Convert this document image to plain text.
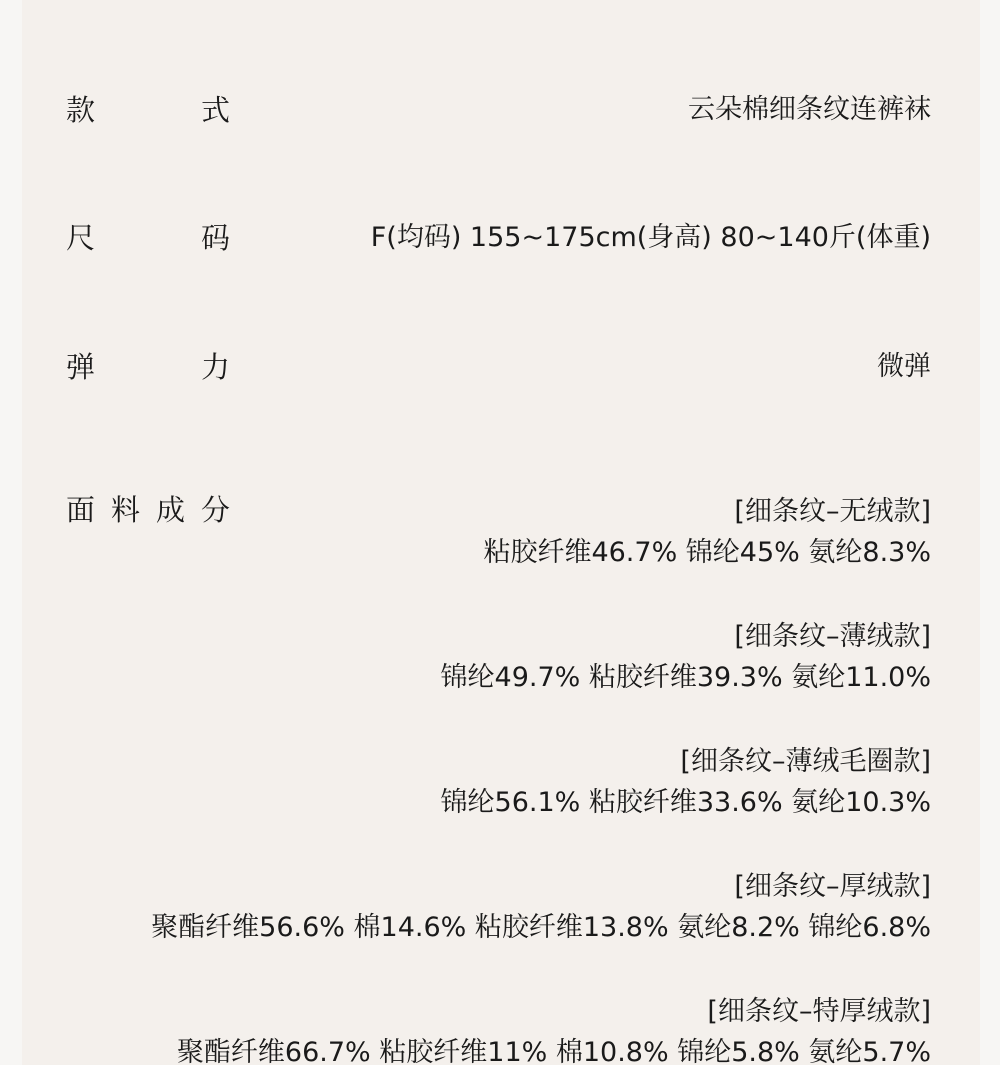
款	式	云朵棉细条纹连裤袜
尺	码	F(均码) 155~175cm(身高) 80~140斤(体重)
弹	力	微弹
面 料 成 分	[细条纹–无绒款]
粘胶纤维46.7% 锦纶45% 氨纶8.3%
[细条纹–薄绒款]
锦纶49.7% 粘胶纤维39.3% 氨纶11.0%
[细条纹–薄绒毛圈款]
锦纶56.1% 粘胶纤维33.6% 氨纶10.3%
[细条纹–厚绒款]
聚酯纤维56.6% 棉14.6% 粘胶纤维13.8% 氨纶8.2% 锦纶6.8%
[细条纹–特厚绒款]
聚酯纤维66.7% 粘胶纤维11% 棉10.8% 锦纶5.8% 氨纶5.7%
